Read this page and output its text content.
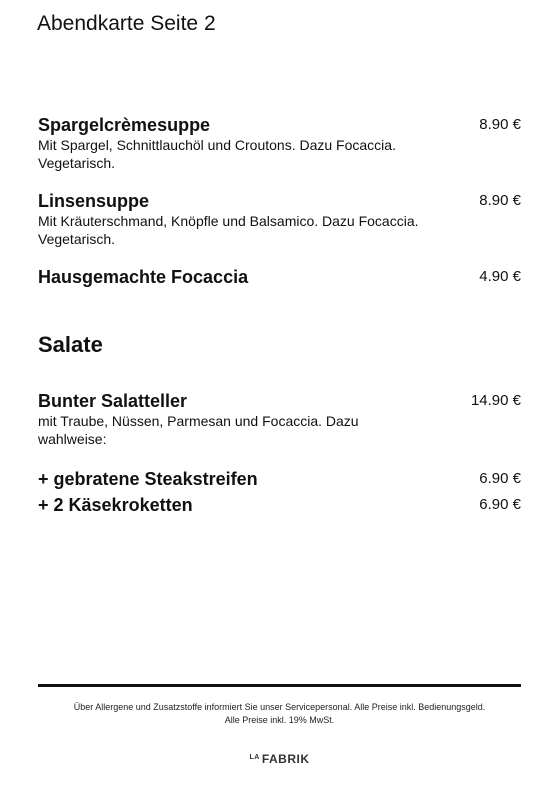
Abendkarte Seite 2
Spargelcrèmesuppe	8.90 €
Mit Spargel, Schnittlauchöl und Croutons. Dazu Focaccia. Vegetarisch.
Linsensuppe	8.90 €
Mit Kräuterschmand, Knöpfle und Balsamico. Dazu Focaccia. Vegetarisch.
Hausgemachte Focaccia	4.90 €
Salate
Bunter Salatteller	14.90 €
mit Traube, Nüssen, Parmesan und Focaccia. Dazu wahlweise:
+ gebratene Steakstreifen	6.90 €
+ 2 Käsekroketten	6.90 €
Über Allergene und Zusatzstoffe informiert Sie unser Servicepersonal. Alle Preise inkl. Bedienungsgeld.
Alle Preise inkl. 19% MwSt.
$^{LA}$ FABRIK
